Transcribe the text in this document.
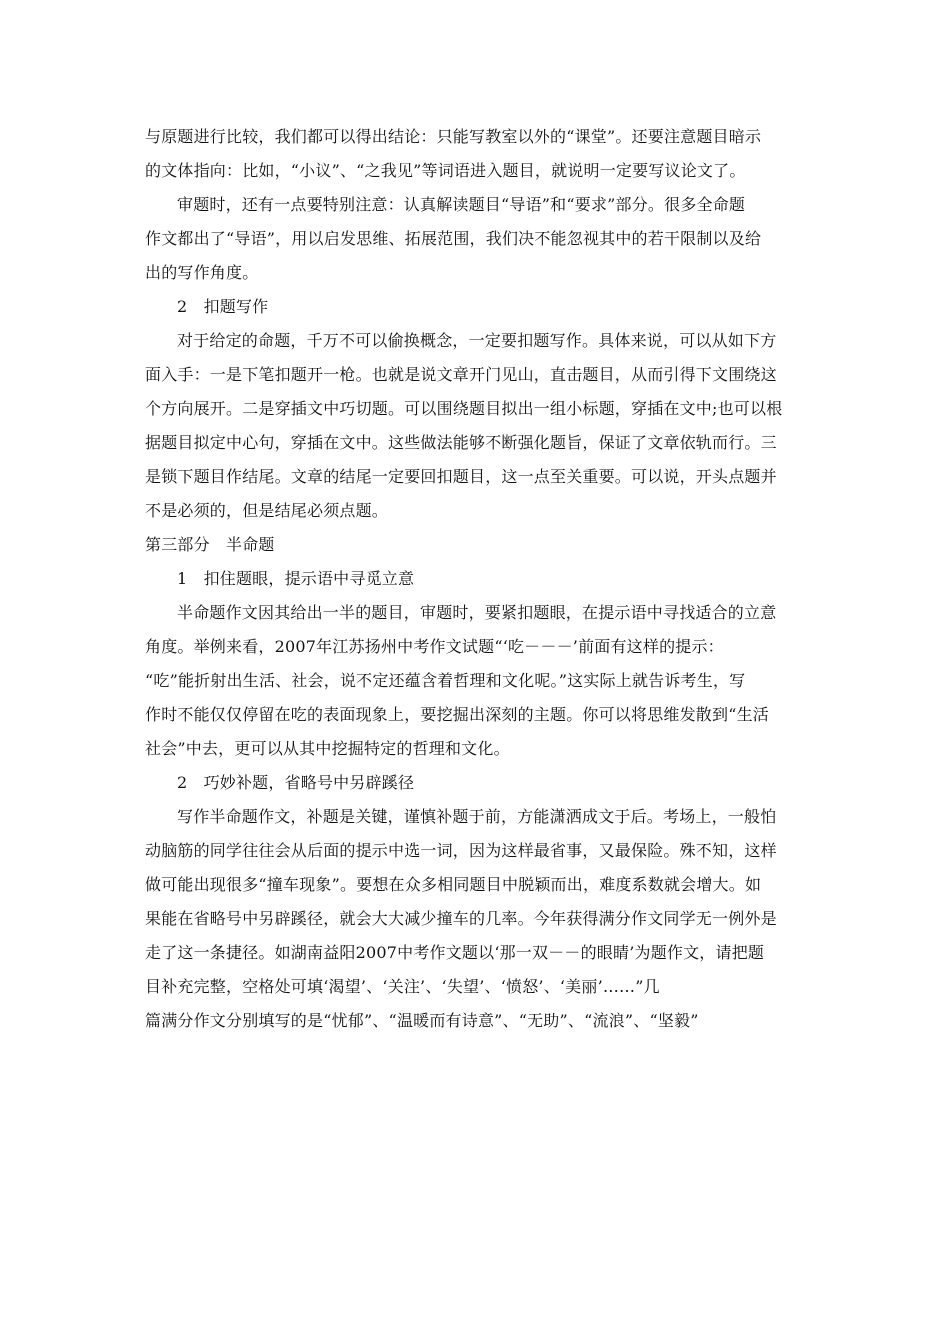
与原题进行比较，我们都可以得出结论：只能写教室以外的“课堂”。还要注意题目暗示
的文体指向：比如，“小议”、“之我见”等词语进入题目，就说明一定要写议论文了。
审题时，还有一点要特别注意：认真解读题目“导语”和“要求”部分。很多全命题
作文都出了“导语”，用以启发思维、拓展范围，我们决不能忽视其中的若干限制以及给
出的写作角度。
2　扣题写作
对于给定的命题，千万不可以偷换概念，一定要扣题写作。具体来说，可以从如下方
面入手：一是下笔扣题开一枪。也就是说文章开门见山，直击题目，从而引得下文围绕这
个方向展开。二是穿插文中巧切题。可以围绕题目拟出一组小标题，穿插在文中;也可以根
据题目拟定中心句，穿插在文中。这些做法能够不断强化题旨，保证了文章依轨而行。三
是锁下题目作结尾。文章的结尾一定要回扣题目，这一点至关重要。可以说，开头点题并
不是必须的，但是结尾必须点题。
第三部分　半命题
1　扣住题眼，提示语中寻觅立意
半命题作文因其给出一半的题目，审题时，要紧扣题眼，在提示语中寻找适合的立意
角度。举例来看，2007年江苏扬州中考作文试题“‘吃－－－’前面有这样的提示：
“吃”能折射出生活、社会，说不定还蕴含着哲理和文化呢。”这实际上就告诉考生，写
作时不能仅仅停留在吃的表面现象上，要挖掘出深刻的主题。你可以将思维发散到“生活
社会”中去，更可以从其中挖掘特定的哲理和文化。
2　巧妙补题，省略号中另辟蹊径
写作半命题作文，补题是关键，谨慎补题于前，方能潇洒成文于后。考场上，一般怕
动脑筋的同学往往会从后面的提示中选一词，因为这样最省事，又最保险。殊不知，这样
做可能出现很多“撞车现象”。要想在众多相同题目中脱颖而出，难度系数就会增大。如
果能在省略号中另辟蹊径，就会大大减少撞车的几率。今年获得满分作文同学无一例外是
走了这一条捷径。如湖南益阳2007中考作文题以‘那一双－－的眼睛’为题作文，请把题
目补充完整，空格处可填‘渴望’、‘关注’、‘失望’、‘愤怒’、‘美丽’……”几
篇满分作文分别填写的是“忧郁”、“温暖而有诗意”、“无助”、“流浪”、“坚毅”
